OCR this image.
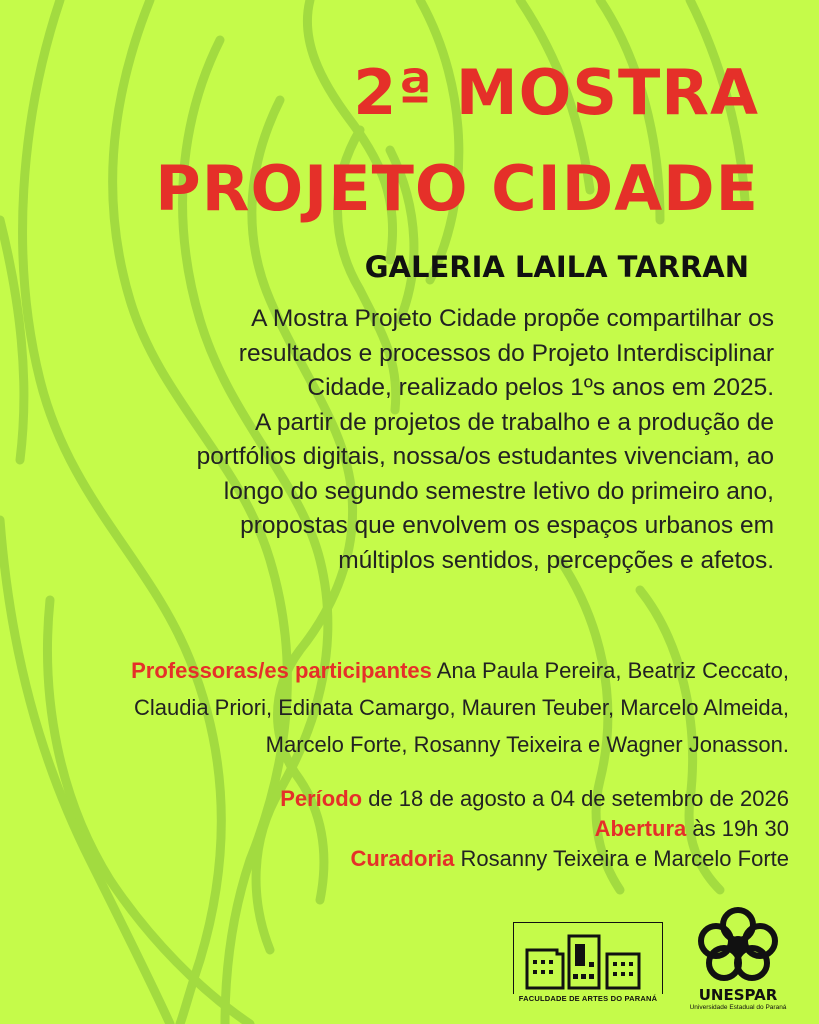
2ª MOSTRA
PROJETO CIDADE
GALERIA LAILA TARRAN

A Mostra Projeto Cidade propõe compartilhar os

resultados e processos do Projeto Interdisciplinar

Cidade, realizado pelos 1ºs anos em 2025.

A partir de projetos de trabalho e a produção de

portfólios digitais, nossa/os estudantes vivenciam, ao

longo do segundo semestre letivo do primeiro ano,

propostas que envolvem os espaços urbanos em

múltiplos sentidos, percepções e afetos.

Professoras/es participantes Ana Paula Pereira, Beatriz Ceccato,
Claudia Priori, Edinata Camargo, Mauren Teuber, Marcelo Almeida,
Marcelo Forte, Rosanny Teixeira e Wagner Jonasson.
Período de 18 de agosto a 04 de setembro de 2026
Abertura às 19h 30
Curadoria Rosanny Teixeira e Marcelo Forte
FACULDADE DE ARTES DO PARANÁ	UNESPAR
Universidade Estadual do Paraná
